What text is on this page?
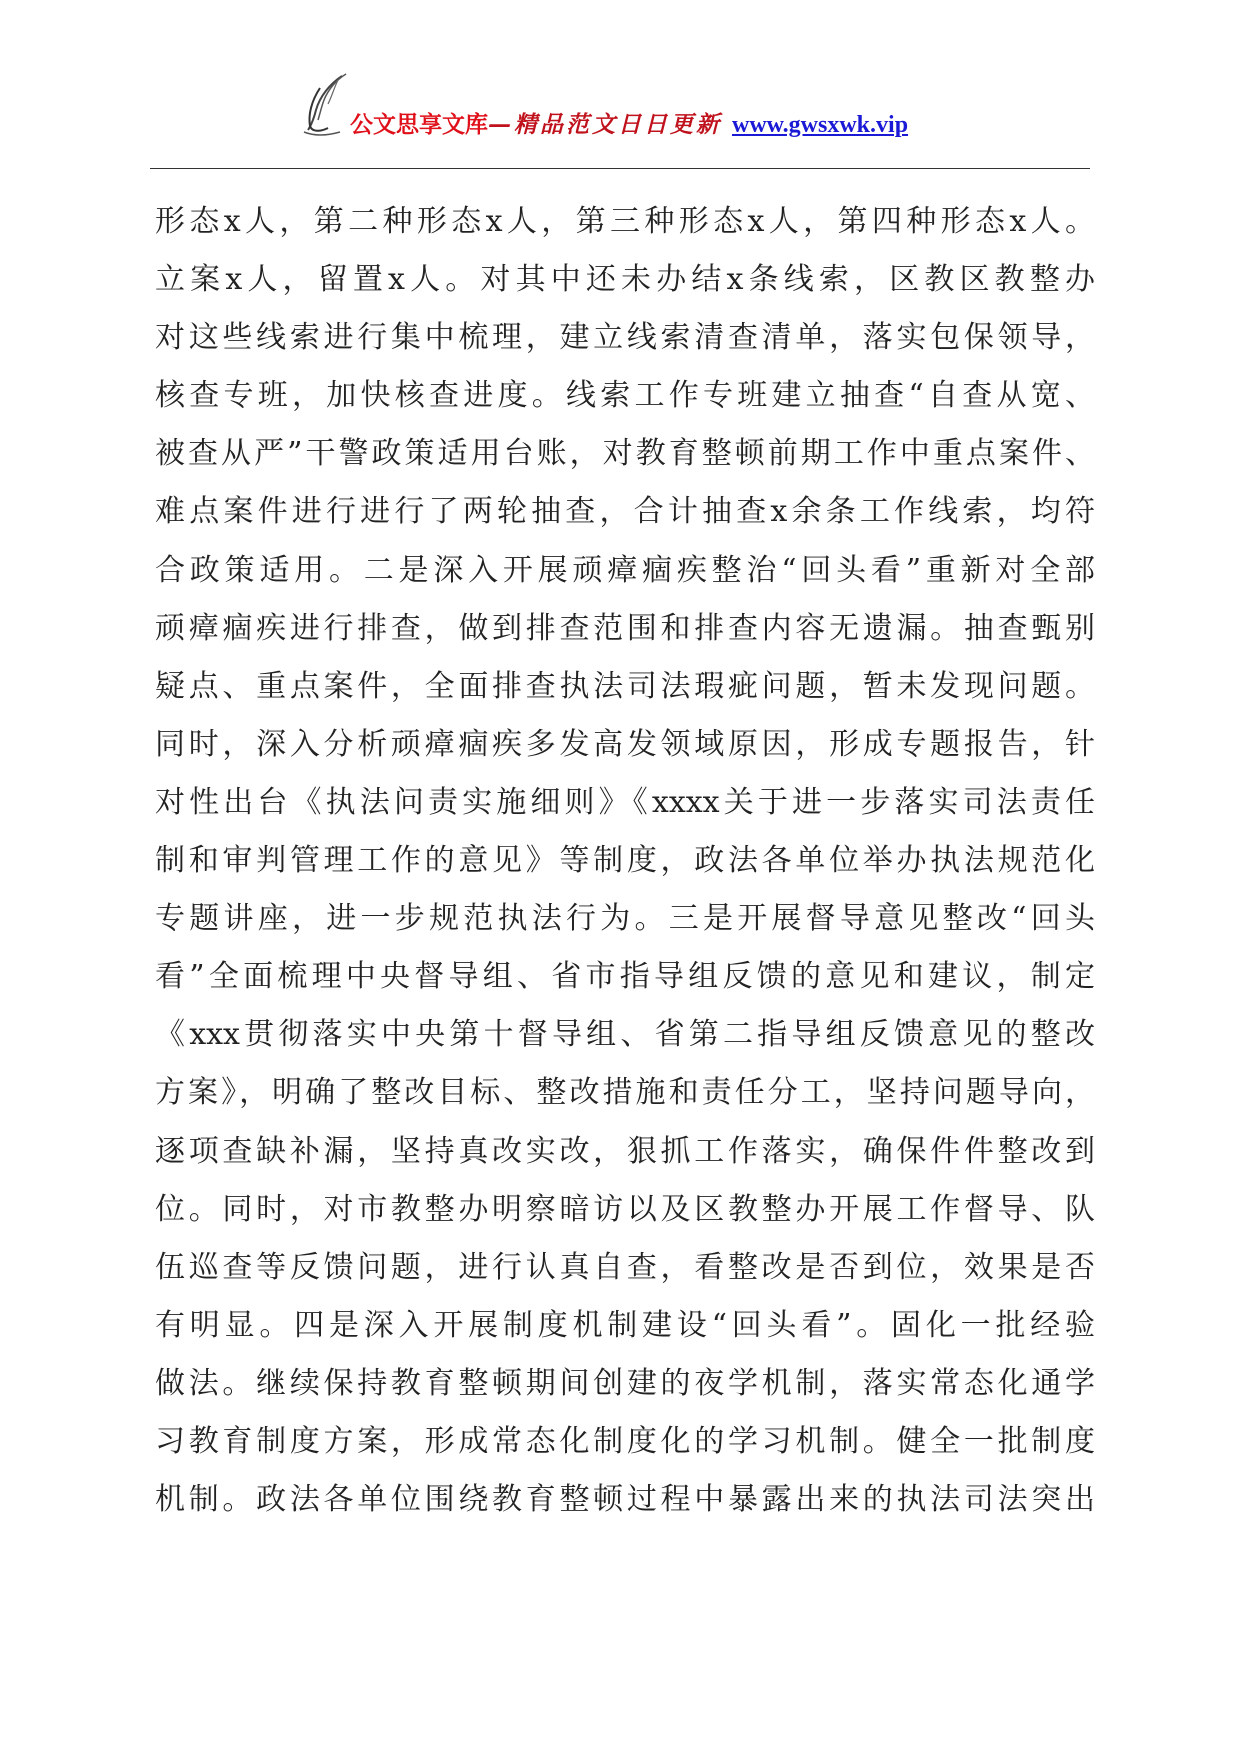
公文思享文库—精品范文日日更新 www.gwsxwk.vip
形态x人，第二种形态x人，第三种形态x人，第四种形态x人。
立案x人，留置x人。对其中还未办结x条线索，区教区教整办
对这些线索进行集中梳理，建立线索清查清单，落实包保领导，
核查专班，加快核查进度。线索工作专班建立抽查“自查从宽、
被查从严”干警政策适用台账，对教育整顿前期工作中重点案件、
难点案件进行进行了两轮抽查，合计抽查x余条工作线索，均符
合政策适用。二是深入开展顽瘴痼疾整治“回头看”重新对全部
顽瘴痼疾进行排查，做到排查范围和排查内容无遗漏。抽查甄别
疑点、重点案件，全面排查执法司法瑕疵问题，暂未发现问题。
同时，深入分析顽瘴痼疾多发高发领域原因，形成专题报告，针
对性出台《执法问责实施细则》《xxxx关于进一步落实司法责任
制和审判管理工作的意见》等制度，政法各单位举办执法规范化
专题讲座，进一步规范执法行为。三是开展督导意见整改“回头
看”全面梳理中央督导组、省市指导组反馈的意见和建议，制定
《xxx贯彻落实中央第十督导组、省第二指导组反馈意见的整改
方案》，明确了整改目标、整改措施和责任分工，坚持问题导向，
逐项查缺补漏，坚持真改实改，狠抓工作落实，确保件件整改到
位。同时，对市教整办明察暗访以及区教整办开展工作督导、队
伍巡查等反馈问题，进行认真自查，看整改是否到位，效果是否
有明显。四是深入开展制度机制建设“回头看”。固化一批经验
做法。继续保持教育整顿期间创建的夜学机制，落实常态化通学
习教育制度方案，形成常态化制度化的学习机制。健全一批制度
机制。政法各单位围绕教育整顿过程中暴露出来的执法司法突出
